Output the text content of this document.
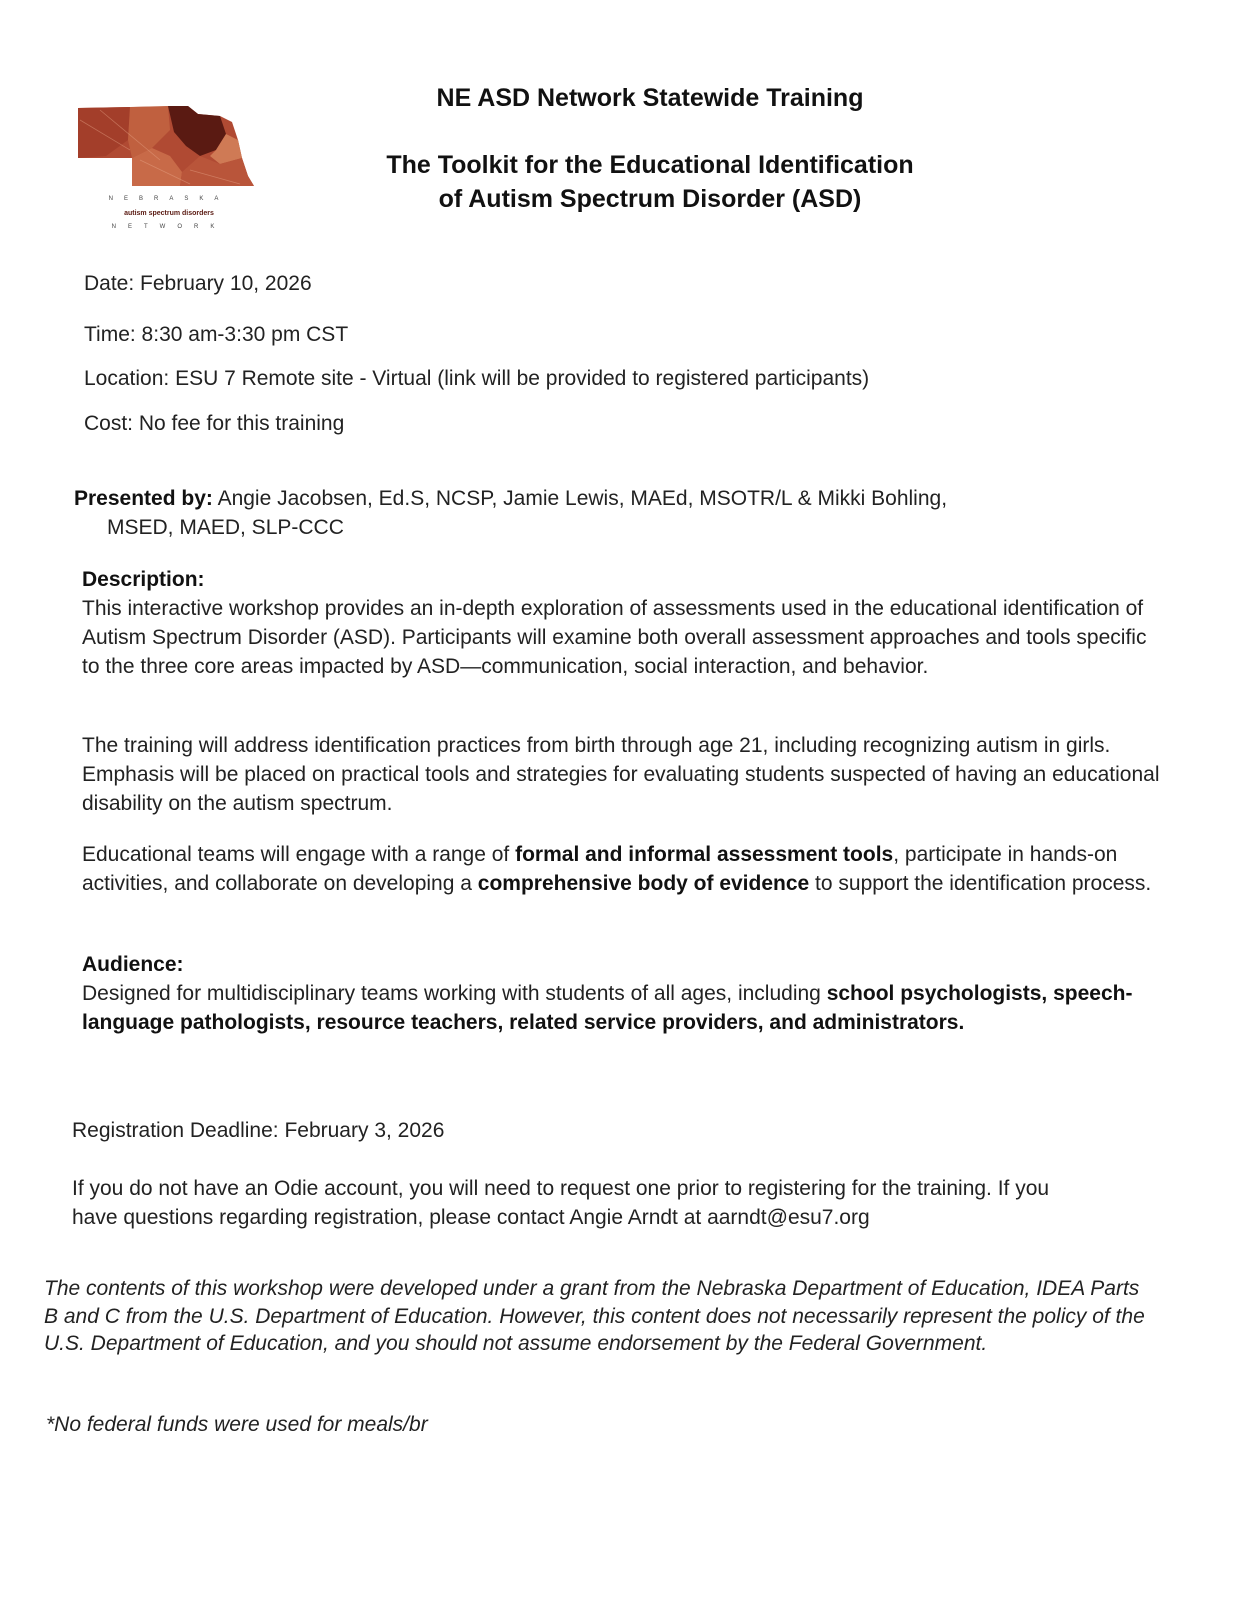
NEBRASKA
autism spectrum disorders
NETWORK
NE ASD Network Statewide Training
The Toolkit for the Educational Identification
of Autism Spectrum Disorder (ASD)
Date: February 10, 2026
Time: 8:30 am-3:30 pm CST
Location: ESU 7 Remote site - Virtual (link will be provided to registered participants)
Cost: No fee for this training
Presented by: Angie Jacobsen, Ed.S, NCSP, Jamie Lewis, MAEd, MSOTR/L & Mikki Bohling,
MSED, MAED, SLP-CCC
Description:
This interactive workshop provides an in-depth exploration of assessments used in the educational identification of Autism Spectrum Disorder (ASD). Participants will examine both overall assessment approaches and tools specific to the three core areas impacted by ASD—communication, social interaction, and behavior.
The training will address identification practices from birth through age 21, including recognizing autism in girls. Emphasis will be placed on practical tools and strategies for evaluating students suspected of having an educational disability on the autism spectrum.
Educational teams will engage with a range of formal and informal assessment tools, participate in hands-on activities, and collaborate on developing a comprehensive body of evidence to support the identification process.
Audience:
Designed for multidisciplinary teams working with students of all ages, including school psychologists, speech-language pathologists, resource teachers, related service providers, and administrators.
Registration Deadline: February 3, 2026
If you do not have an Odie account, you will need to request one prior to registering for the training. If you have questions regarding registration, please contact Angie Arndt at aarndt@esu7.org
The contents of this workshop were developed under a grant from the Nebraska Department of Education, IDEA Parts B and C from the U.S. Department of Education. However, this content does not necessarily represent the policy of the U.S. Department of Education, and you should not assume endorsement by the Federal Government.
*No federal funds were used for meals/br
